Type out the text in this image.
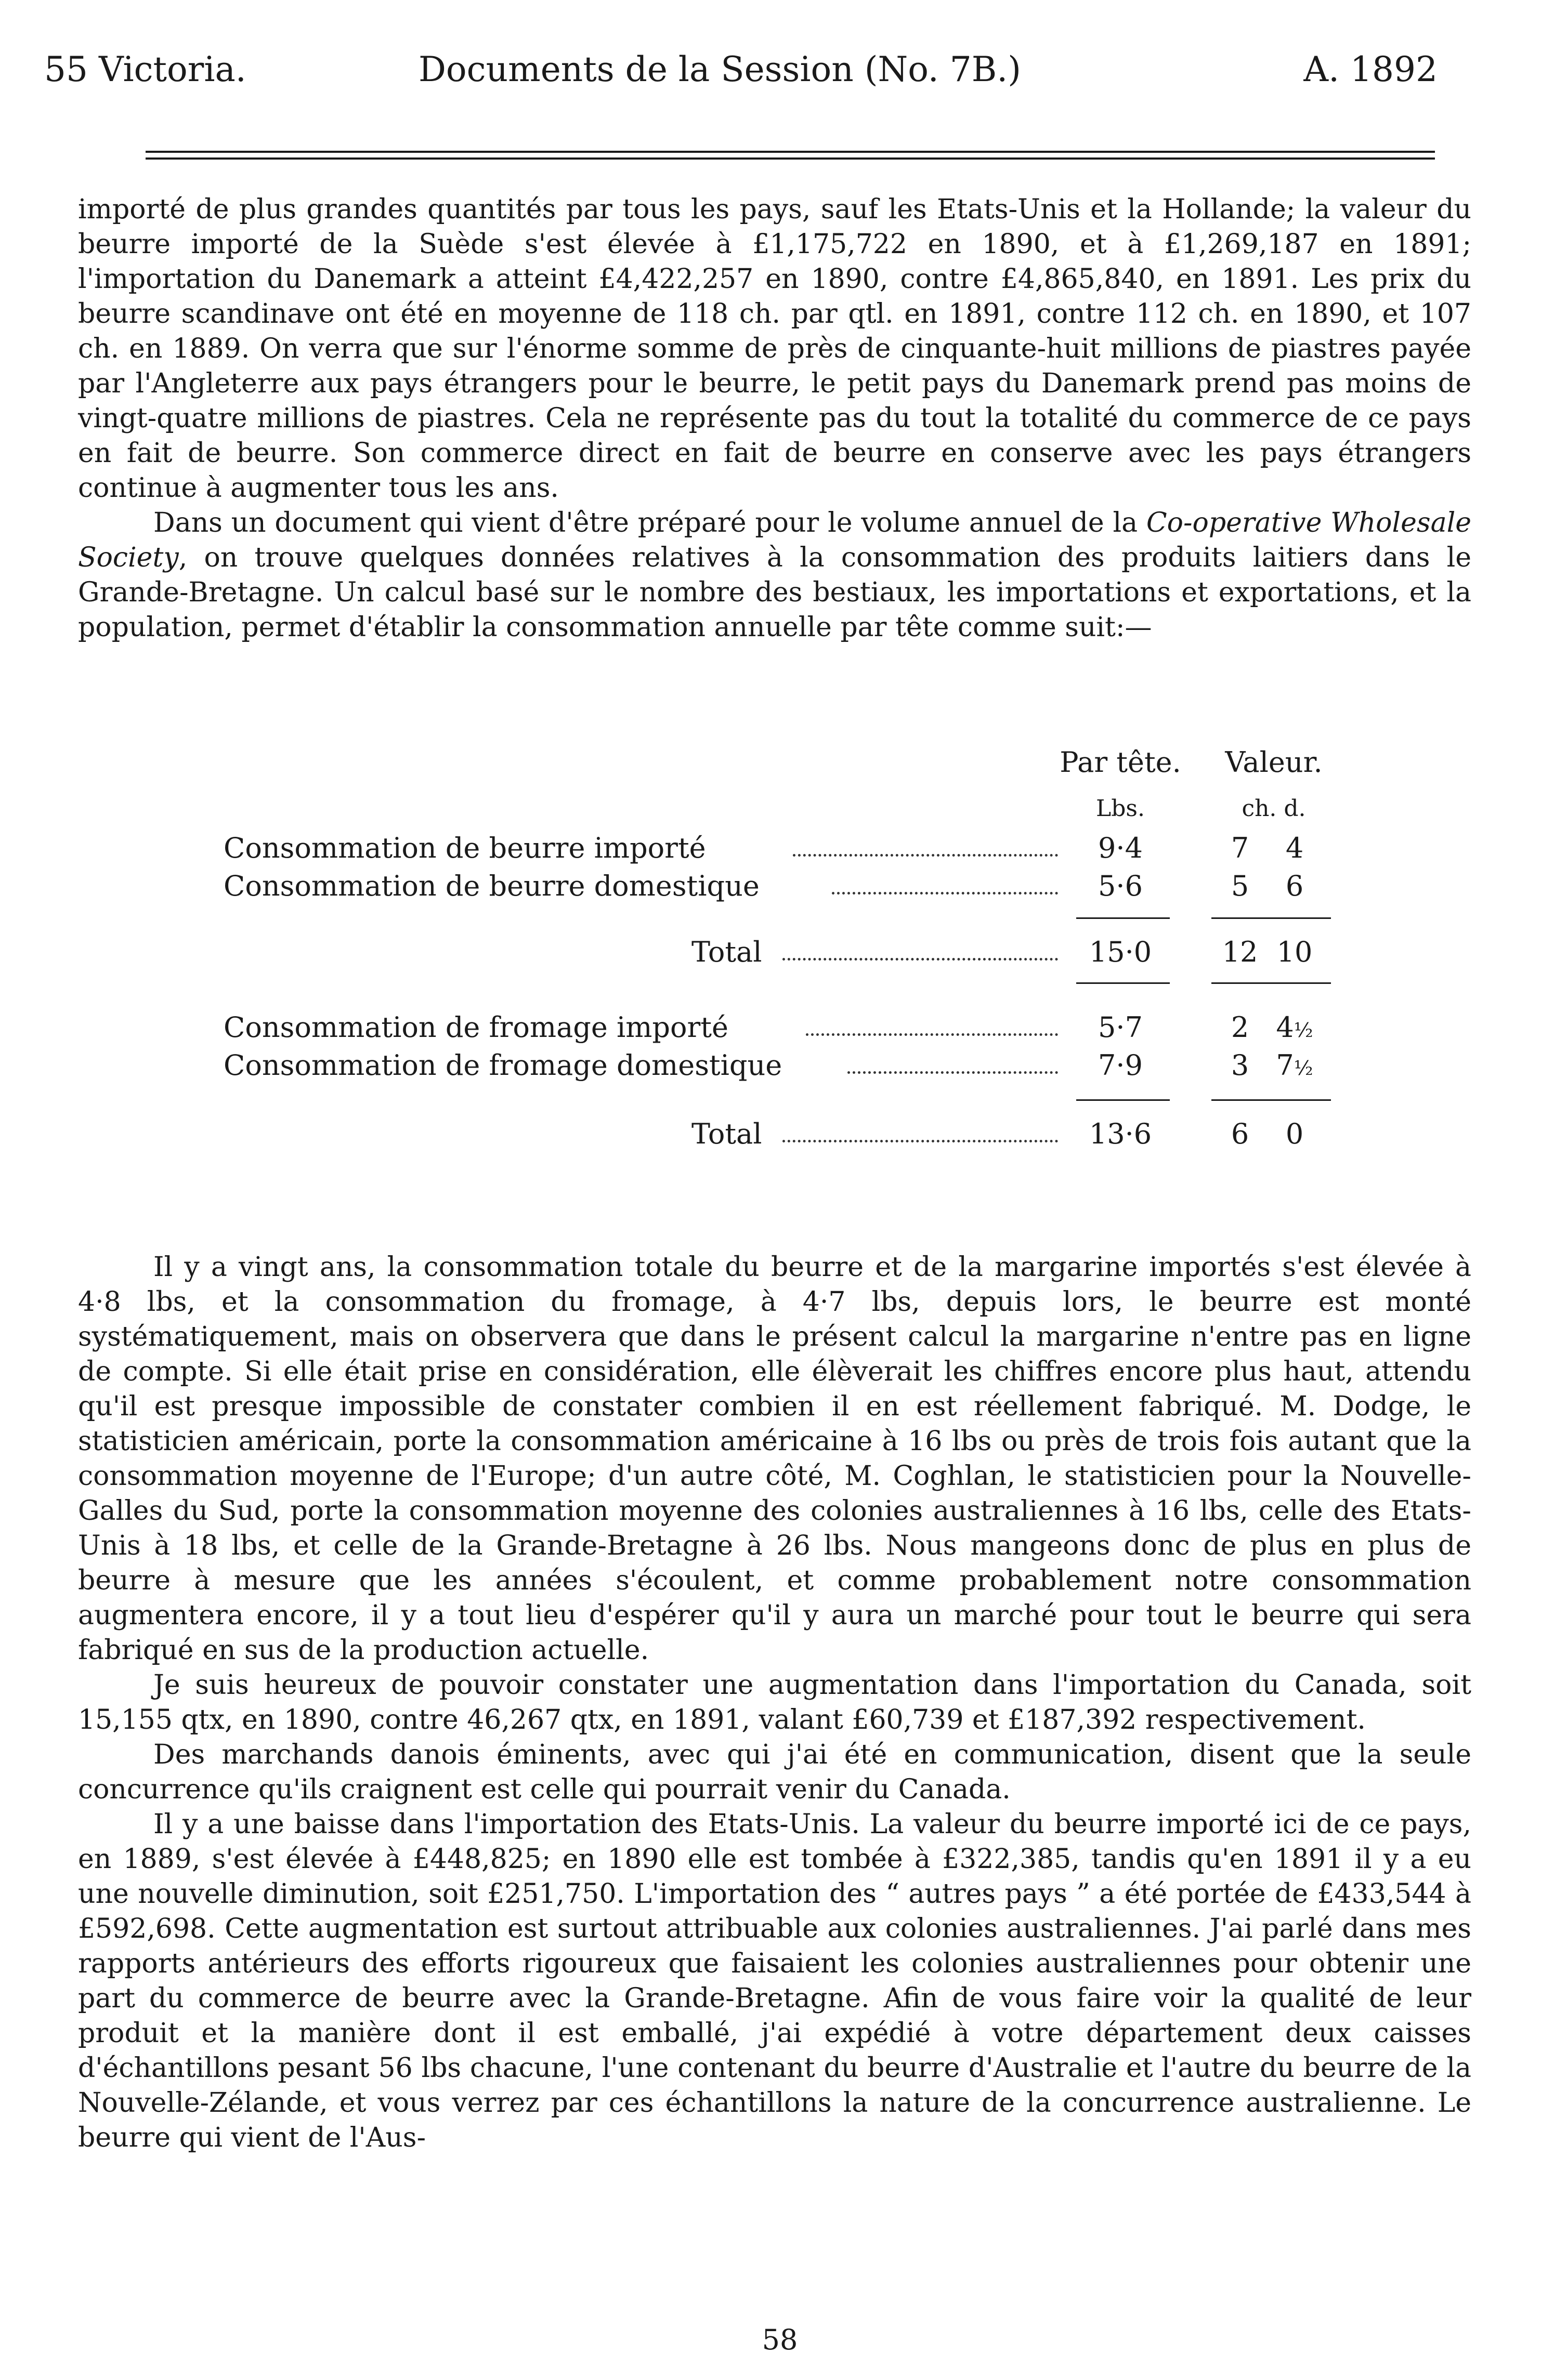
55 Victoria.	Documents de la Session (No. 7B.)	A. 1892

importé de plus grandes quantités par tous les pays, sauf les Etats-Unis et la Hollande; la valeur du beurre importé de la Suède s'est élevée à £1,175,722 en 1890, et à £1,269,187 en 1891; l'importation du Danemark a atteint £4,422,257 en 1890, contre £4,865,840, en 1891. Les prix du beurre scandinave ont été en moyenne de 118 ch. par qtl. en 1891, contre 112 ch. en 1890, et 107 ch. en 1889. On verra que sur l'énorme somme de près de cinquante-huit millions de piastres payée par l'Angleterre aux pays étrangers pour le beurre, le petit pays du Danemark prend pas moins de vingt-quatre millions de piastres. Cela ne représente pas du tout la totalité du commerce de ce pays en fait de beurre. Son commerce direct en fait de beurre en conserve avec les pays étrangers continue à augmenter tous les ans.

Dans un document qui vient d'être préparé pour le volume annuel de la Co-operative Wholesale Society, on trouve quelques données relatives à la consommation des produits laitiers dans le Grande-Bretagne. Un calcul basé sur le nombre des bestiaux, les importations et exportations, et la population, permet d'établir la consommation annuelle par tête comme suit:—

Par tête.	Valeur.
Lbs.	ch. d.
Consommation de beurre importé	9·4	7	4
Consommation de beurre domestique	5·6	5	6
Total	15·0	12 10
Consommation de fromage importé	5·7	2 4½
Consommation de fromage domestique	7·9	3 7½
Total	13·6	6	0

Il y a vingt ans, la consommation totale du beurre et de la margarine importés s'est élevée à 4·8 lbs, et la consommation du fromage, à 4·7 lbs, depuis lors, le beurre est monté systématiquement, mais on observera que dans le présent calcul la margarine n'entre pas en ligne de compte. Si elle était prise en considération, elle élèverait les chiffres encore plus haut, attendu qu'il est presque impossible de constater combien il en est réellement fabriqué. M. Dodge, le statisticien américain, porte la consommation américaine à 16 lbs ou près de trois fois autant que la consommation moyenne de l'Europe; d'un autre côté, M. Coghlan, le statisticien pour la Nouvelle-Galles du Sud, porte la consommation moyenne des colonies australiennes à 16 lbs, celle des Etats-Unis à 18 lbs, et celle de la Grande-Bretagne à 26 lbs. Nous mangeons donc de plus en plus de beurre à mesure que les années s'écoulent, et comme probablement notre consommation augmentera encore, il y a tout lieu d'espérer qu'il y aura un marché pour tout le beurre qui sera fabriqué en sus de la production actuelle.

Je suis heureux de pouvoir constater une augmentation dans l'importation du Canada, soit 15,155 qtx, en 1890, contre 46,267 qtx, en 1891, valant £60,739 et £187,392 respectivement.

Des marchands danois éminents, avec qui j'ai été en communication, disent que la seule concurrence qu'ils craignent est celle qui pourrait venir du Canada.

Il y a une baisse dans l'importation des Etats-Unis. La valeur du beurre importé ici de ce pays, en 1889, s'est élevée à £448,825; en 1890 elle est tombée à £322,385, tandis qu'en 1891 il y a eu une nouvelle diminution, soit £251,750. L'importation des “ autres pays ” a été portée de £433,544 à £592,698. Cette augmentation est surtout attribuable aux colonies australiennes. J'ai parlé dans mes rapports antérieurs des efforts rigoureux que faisaient les colonies australiennes pour obtenir une part du commerce de beurre avec la Grande-Bretagne. Afin de vous faire voir la qualité de leur produit et la manière dont il est emballé, j'ai expédié à votre département deux caisses d'échantillons pesant 56 lbs chacune, l'une contenant du beurre d'Australie et l'autre du beurre de la Nouvelle-Zélande, et vous verrez par ces échantillons la nature de la concurrence australienne. Le beurre qui vient de l'Aus-

58
